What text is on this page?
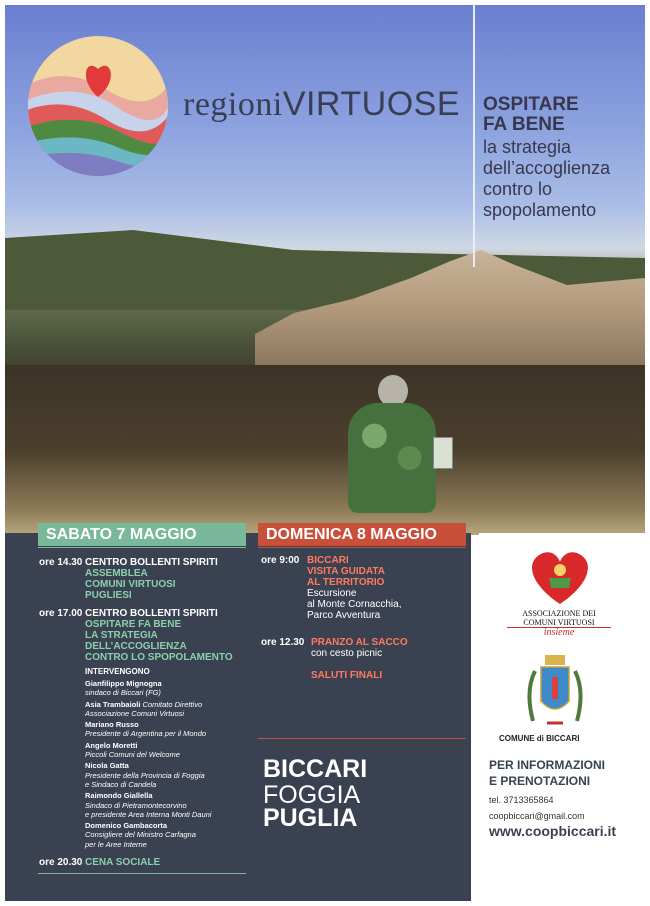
regioniVIRTUOSE OSPITARE
FA BENE
la strategia
dell’accoglienza
contro lo
spopolamento
SABATO 7 MAGGIO	DOMENICA 8 MAGGIO
ore 14.30 CENTRO BOLLENTI SPIRITI
ASSEMBLEA
COMUNI VIRTUOSI
PUGLIESI
ore 17.00 CENTRO BOLLENTI SPIRITI
OSPITARE FA BENE
LA STRATEGIA
DELL’ACCOGLIENZA
CONTRO LO SPOPOLAMENTO
INTERVENGONO
Gianfilippo Mignogna
sindaco di Biccari (FG)
Asia Trambaioli Comitato Direttivo
Associazione Comuni Virtuosi
Mariano Russo
Presidente di Argentina per il Mondo
Angelo Moretti
Piccoli Comuni del Welcome
Nicola Gatta
Presidente della Provincia di Foggia
e Sindaco di Candela
Raimondo Giallella
Sindaco di Pietramontecorvino
e presidente Area Interna Monti Dauni
Domenico Gambacorta
Consigliere del Ministro Carfagna
per le Aree Interne
ore 20.30 CENA SOCIALE
ore 9:00 BICCARI
VISITA GUIDATA
AL TERRITORIO
Escursione
al Monte Cornacchia,
Parco Avventura
ore 12.30 PRANZO AL SACCO
con cesto picnic
SALUTI FINALI
BICCARI
FOGGIA
PUGLIA
ASSOCIAZIONE DEI
COMUNI VIRTUOSI
insieme
COMUNE di BICCARI
PER INFORMAZIONI
E PRENOTAZIONI
tel. 3713365864
coopbiccari@gmail.com
www.coopbiccari.it
